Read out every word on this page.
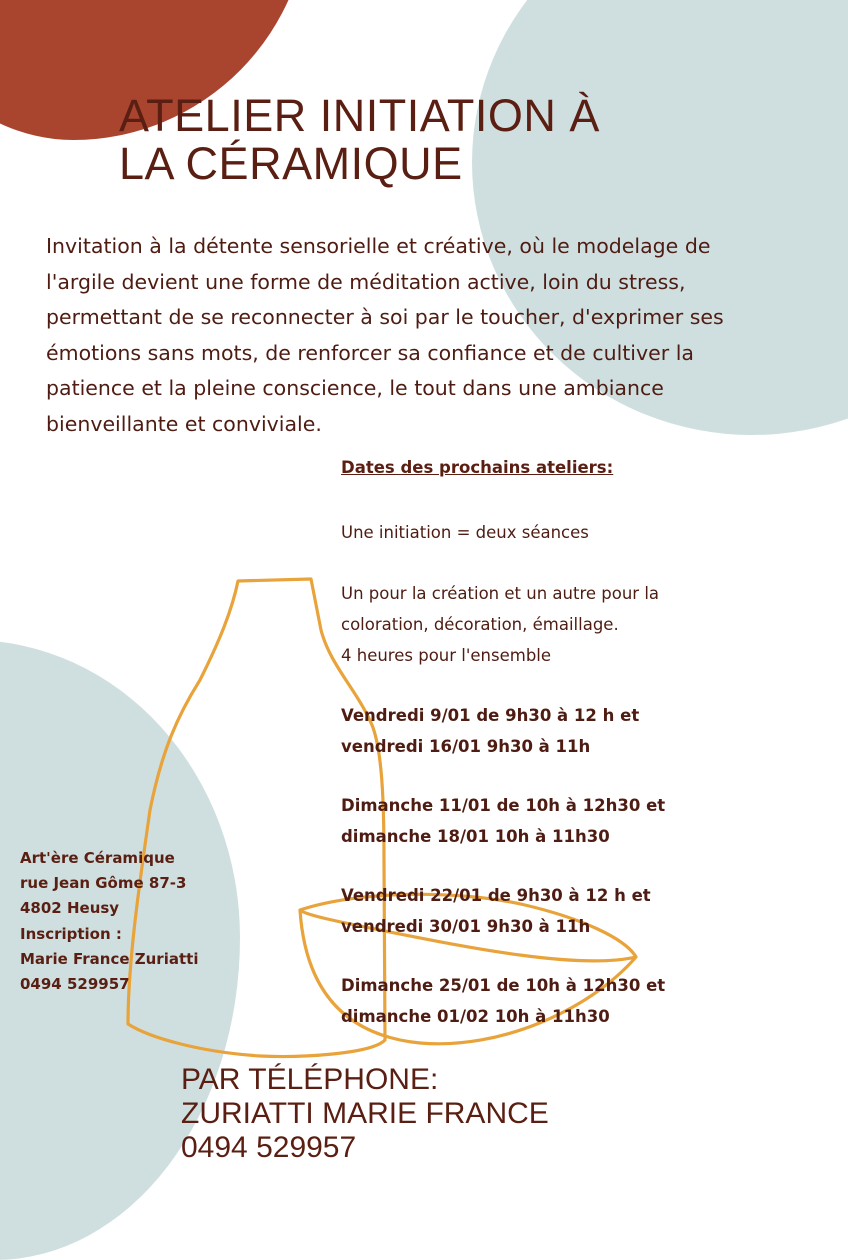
ATELIER INITIATION À
LA CÉRAMIQUE

Invitation à la détente sensorielle et créative, où le modelage de
l'argile devient une forme de méditation active, loin du stress,
permettant de se reconnecter à soi par le toucher, d'exprimer ses
émotions sans mots, de renforcer sa confiance et de cultiver la
patience et la pleine conscience, le tout dans une ambiance
bienveillante et conviviale.

Dates des prochains ateliers:

Une initiation = deux séances

Un pour la création et un autre pour la
coloration, décoration, émaillage.
4 heures pour l'ensemble

Vendredi 9/01 de 9h30 à 12 h et
vendredi 16/01 9h30 à 11h

Dimanche 11/01 de 10h à 12h30 et
dimanche 18/01 10h à 11h30

Vendredi 22/01 de 9h30 à 12 h et
vendredi 30/01 9h30 à 11h

Dimanche 25/01 de 10h à 12h30 et
dimanche 01/02 10h à 11h30

Art'ère Céramique
rue Jean Gôme 87-3
4802 Heusy
Inscription :
Marie France Zuriatti
0494 529957
PAR TÉLÉPHONE:
ZURIATTI MARIE FRANCE
0494 529957
